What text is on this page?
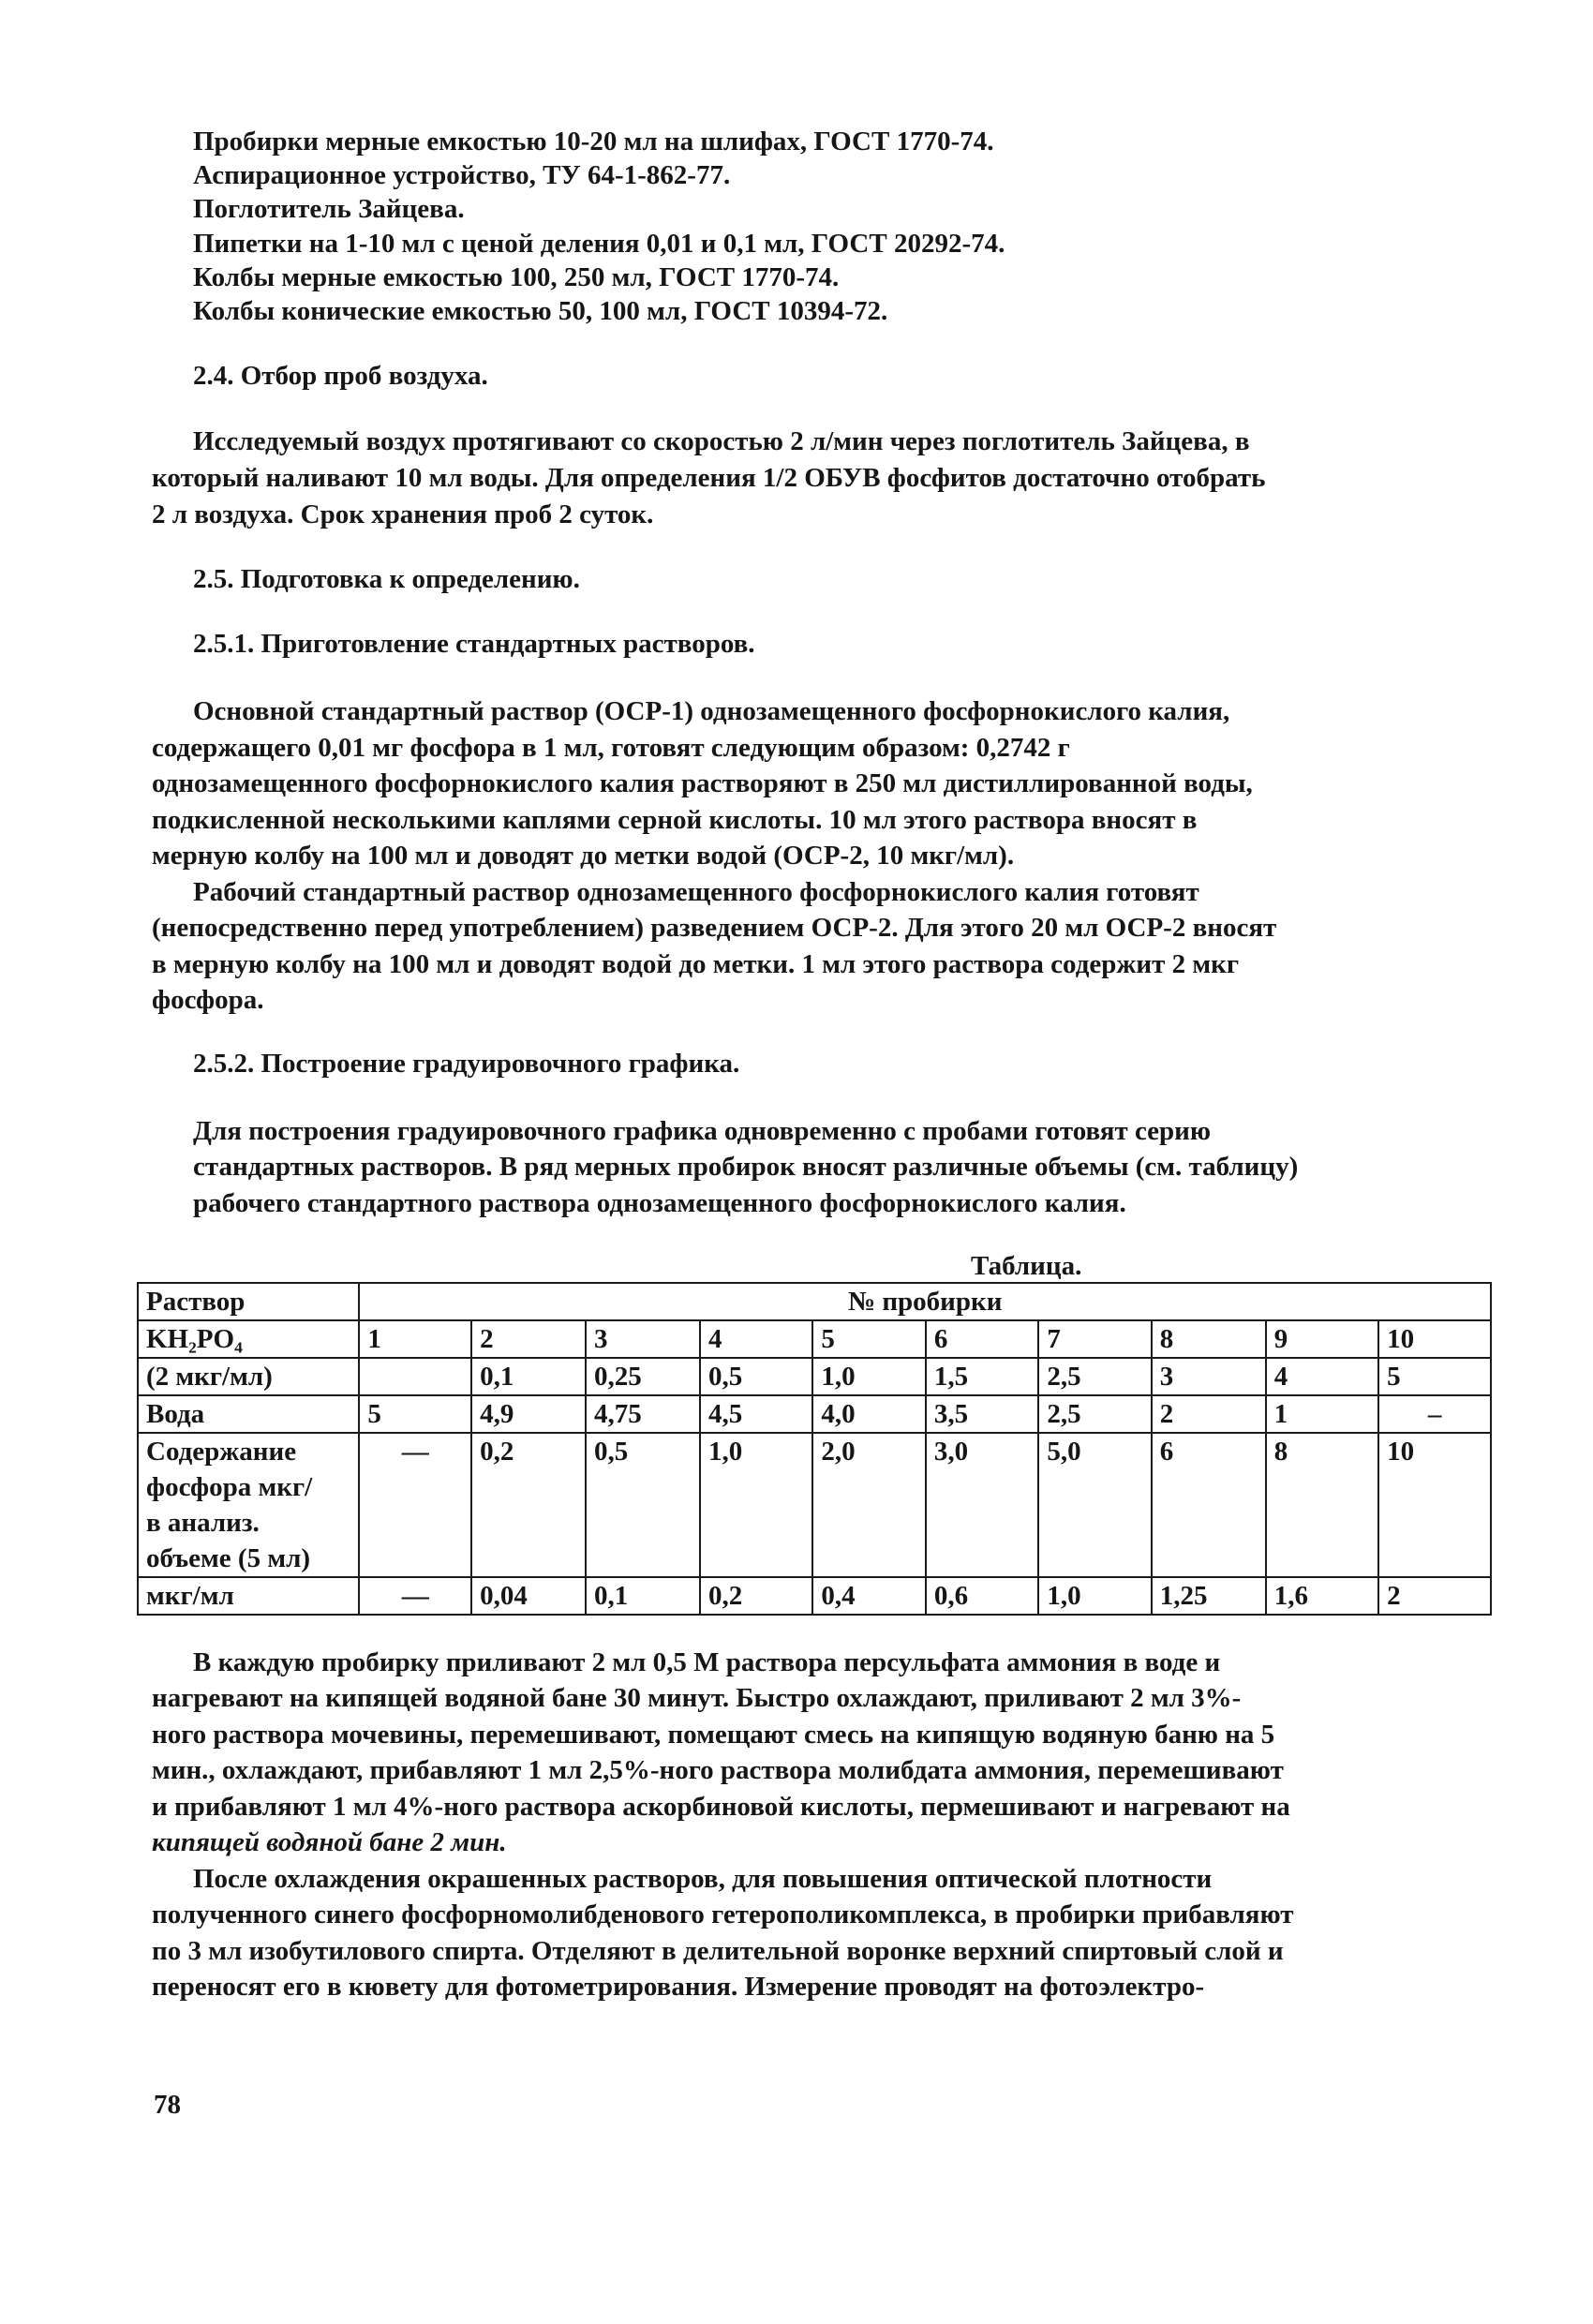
Пробирки мерные емкостью 10-20 мл на шлифах, ГОСТ 1770-74.
Аспирационное устройство, ТУ 64-1-862-77.
Поглотитель Зайцева.
Пипетки на 1-10 мл с ценой деления 0,01 и 0,1 мл, ГОСТ 20292-74.
Колбы мерные емкостью 100, 250 мл, ГОСТ 1770-74.
Колбы конические емкостью 50, 100 мл, ГОСТ 10394-72.
2.4. Отбор проб воздуха.
Исследуемый воздух протягивают со скоростью 2 л/мин через поглотитель Зайцева, в
который наливают 10 мл воды. Для определения 1/2 ОБУВ фосфитов достаточно отобрать
2 л воздуха. Срок хранения проб 2 суток.
2.5. Подготовка к определению.
2.5.1. Приготовление стандартных растворов.
Основной стандартный раствор (ОСР-1) однозамещенного фосфорнокислого калия,
содержащего 0,01 мг фосфора в 1 мл, готовят следующим образом: 0,2742 г
однозамещенного фосфорнокислого калия растворяют в 250 мл дистиллированной воды,
подкисленной несколькими каплями серной кислоты. 10 мл этого раствора вносят в
мерную колбу на 100 мл и доводят до метки водой (ОСР-2, 10 мкг/мл).
Рабочий стандартный раствор однозамещенного фосфорнокислого калия готовят
(непосредственно перед употреблением) разведением ОСР-2. Для этого 20 мл ОСР-2 вносят
в мерную колбу на 100 мл и доводят водой до метки. 1 мл этого раствора содержит 2 мкг
фосфора.
2.5.2. Построение градуировочного графика.
Для построения градуировочного графика одновременно с пробами готовят серию
стандартных растворов. В ряд мерных пробирок вносят различные объемы (см. таблицу)
рабочего стандартного раствора однозамещенного фосфорнокислого калия.
Таблица.
Раствор	№ пробирки									
KH₂PO₄	1	2	3	4	5	6	7	8	9	10
(2 мкг/мл)		0,1	0,25	0,5	1,0	1,5	2,5	3	4	5
Вода	5	4,9	4,75	4,5	4,0	3,5	2,5	2	1	–

Содержание
фосфора мкг/
в анализ.
объеме (5 мл)	—	0,2	0,5	1,0	2,0	3,0	5,0	6	8	10
мкг/мл	—	0,04	0,1	0,2	0,4	0,6	1,0	1,25	1,6	2
В каждую пробирку приливают 2 мл 0,5 М раствора персульфата аммония в воде и
нагревают на кипящей водяной бане 30 минут. Быстро охлаждают, приливают 2 мл 3%-
ного раствора мочевины, перемешивают, помещают смесь на кипящую водяную баню на 5
мин., охлаждают, прибавляют 1 мл 2,5%-ного раствора молибдата аммония, перемешивают
и прибавляют 1 мл 4%-ного раствора аскорбиновой кислоты, пермешивают и нагревают на
кипящей водяной бане 2 мин.
После охлаждения окрашенных растворов, для повышения оптической плотности
полученного синего фосфорномолибденового гетерополикомплекса, в пробирки прибавляют
по 3 мл изобутилового спирта. Отделяют в делительной воронке верхний спиртовый слой и
переносят его в кювету для фотометрирования. Измерение проводят на фотоэлектро-
78
